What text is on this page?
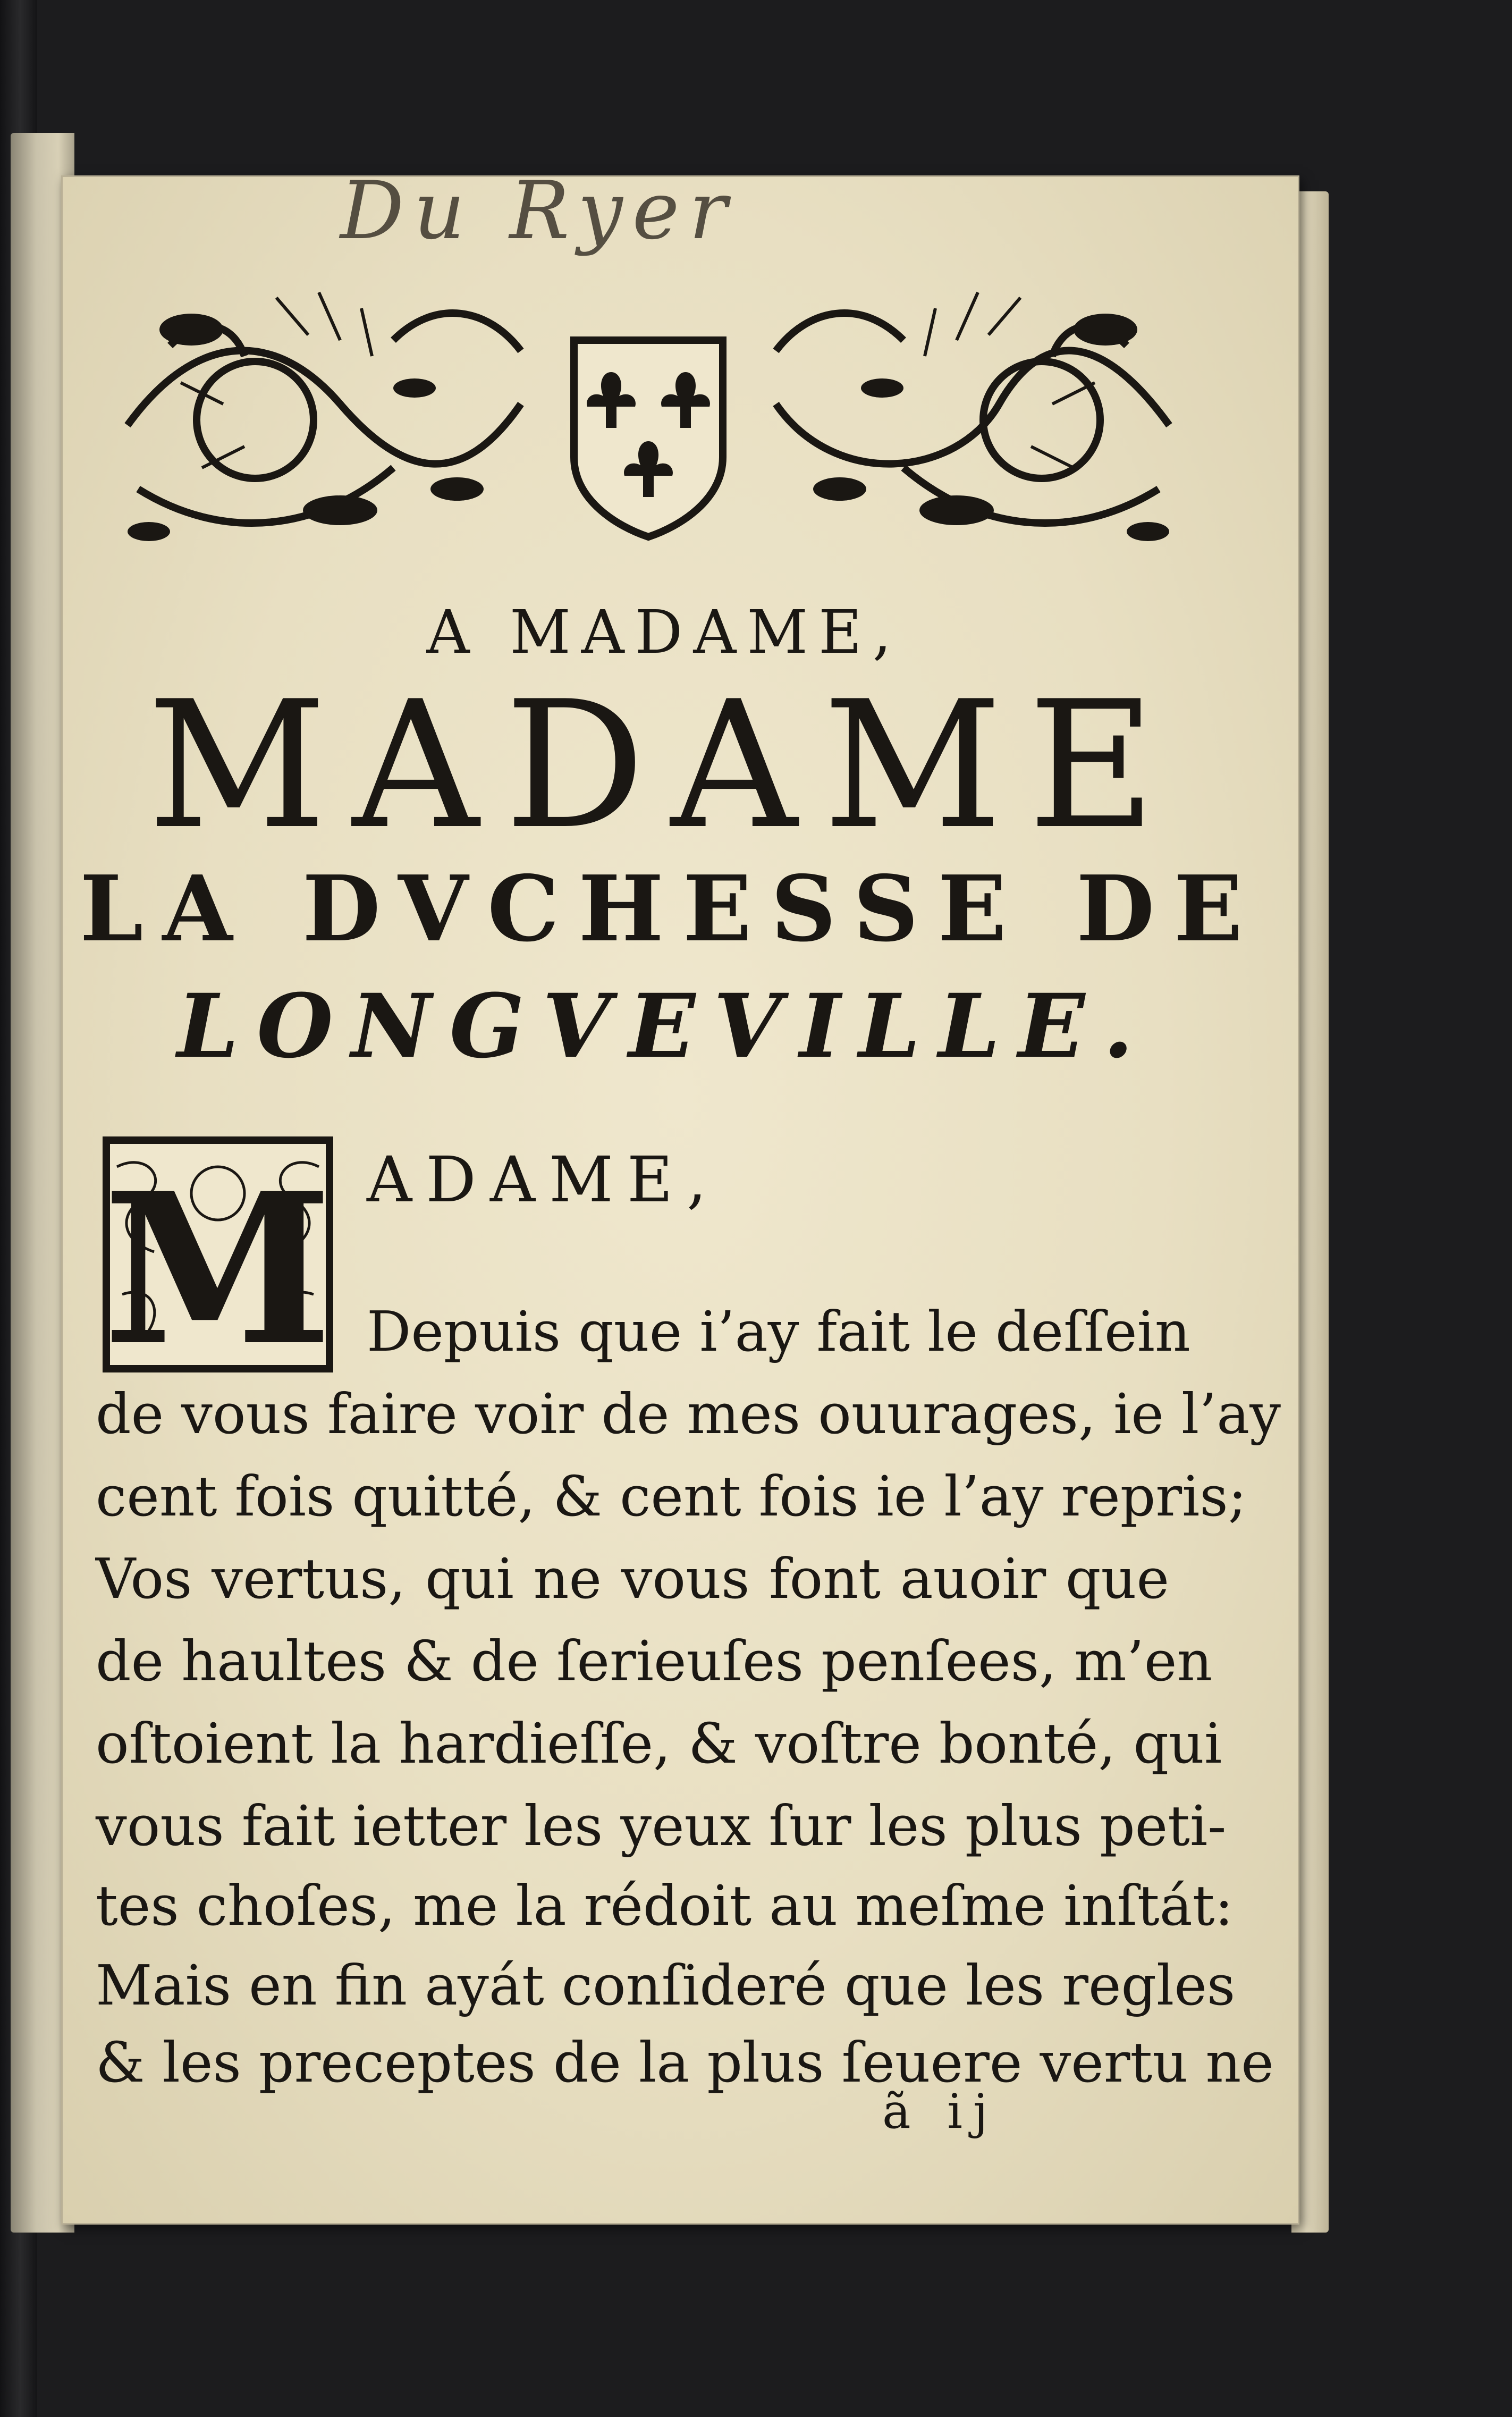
Du Ryer
A MADAME,
MADAME
LA DVCHESSE DE
LONGVEVILLE.
M ADAME,
Depuis que i’ay fait le deſſein
de vous faire voir de mes ouurages, ie l’ay
cent fois quitté, & cent fois ie l’ay repris;
Vos vertus, qui ne vous font auoir que
de haultes & de ſerieuſes penſees, m’en
oſtoient la hardieſſe, & voſtre bonté, qui
vous fait ietter les yeux ſur les plus peti-
tes choſes, me la rédoit au meſme inſtát:
Mais en fin ayát conſideré que les regles
& les preceptes de la plus ſeuere vertu ne
ã ij
